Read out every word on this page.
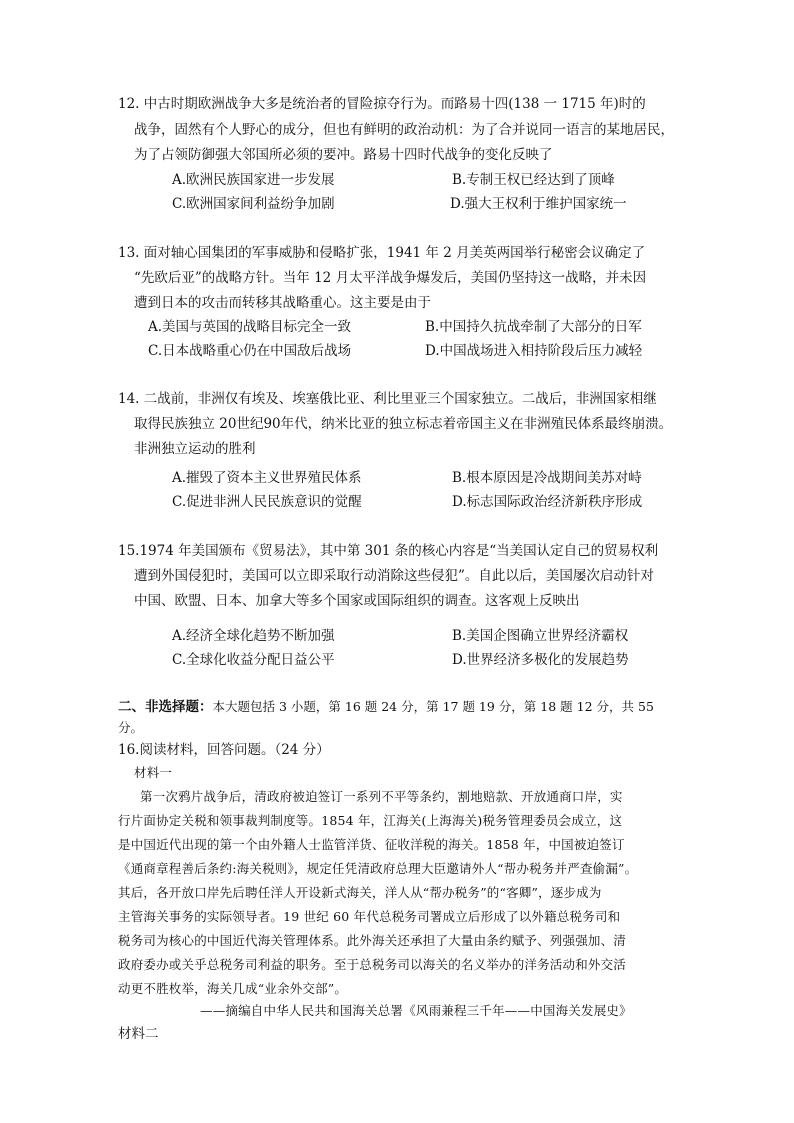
12. 中古时期欧洲战争大多是统治者的冒险掠夺行为。而路易十四(138 一 1715 年)时的
战争，固然有个人野心的成分，但也有鲜明的政治动机：为了合并说同一语言的某地居民，
为了占领防御强大邻国所必须的要冲。路易十四时代战争的变化反映了
A.欧洲民族国家进一步发展	B.专制王权已经达到了顶峰
C.欧洲国家间利益纷争加剧	D.强大王权利于维护国家统一
13. 面对轴心国集团的军事威胁和侵略扩张，1941 年 2 月美英两国举行秘密会议确定了
“先欧后亚”的战略方针。当年 12 月太平洋战争爆发后，美国仍坚持这一战略，并未因
遭到日本的攻击而转移其战略重心。这主要是由于
A.美国与英国的战略目标完全一致	B.中国持久抗战牵制了大部分的日军
C.日本战略重心仍在中国敌后战场	D.中国战场进入相持阶段后压力减轻
14. 二战前，非洲仅有埃及、埃塞俄比亚、利比里亚三个国家独立。二战后，非洲国家相继
取得民族独立 20世纪90年代，纳米比亚的独立标志着帝国主义在非洲殖民体系最终崩溃。
非洲独立运动的胜利
A.摧毁了资本主义世界殖民体系	B.根本原因是冷战期间美苏对峙
C.促进非洲人民民族意识的觉醒	D.标志国际政治经济新秩序形成
15.1974 年美国颁布《贸易法》，其中第 301 条的核心内容是“当美国认定自己的贸易权利
遭到外国侵犯时，美国可以立即采取行动消除这些侵犯”。自此以后，美国屡次启动针对
中国、欧盟、日本、加拿大等多个国家或国际组织的调查。这客观上反映出
A.经济全球化趋势不断加强	B.美国企图确立世界经济霸权
C.全球化收益分配日益公平	D.世界经济多极化的发展趋势
二、非选择题：本大题包括 3 小题，第 16 题 24 分，第 17 题 19 分，第 18 题 12 分，共 55
分。
16.阅读材料，回答问题。（24 分）
材料一
第一次鸦片战争后，清政府被迫签订一系列不平等条约，割地赔款、开放通商口岸，实
行片面协定关税和领事裁判制度等。1854 年，江海关(上海海关)税务管理委员会成立，这
是中国近代出现的第一个由外籍人士监管洋货、征收洋税的海关。1858 年，中国被迫签订
《通商章程善后条约:海关税则》，规定任凭清政府总理大臣邀请外人“帮办税务并严查偷漏”。
其后，各开放口岸先后聘任洋人开设新式海关，洋人从“帮办税务”的“客卿”，逐步成为
主管海关事务的实际领导者。19 世纪 60 年代总税务司署成立后形成了以外籍总税务司和
税务司为核心的中国近代海关管理体系。此外海关还承担了大量由条约赋予、列强强加、清
政府委办或关乎总税务司利益的职务。至于总税务司以海关的名义举办的洋务活动和外交活
动更不胜枚举，海关几成“业余外交部”。
——摘编自中华人民共和国海关总署《风雨兼程三千年——中国海关发展史》
材料二
